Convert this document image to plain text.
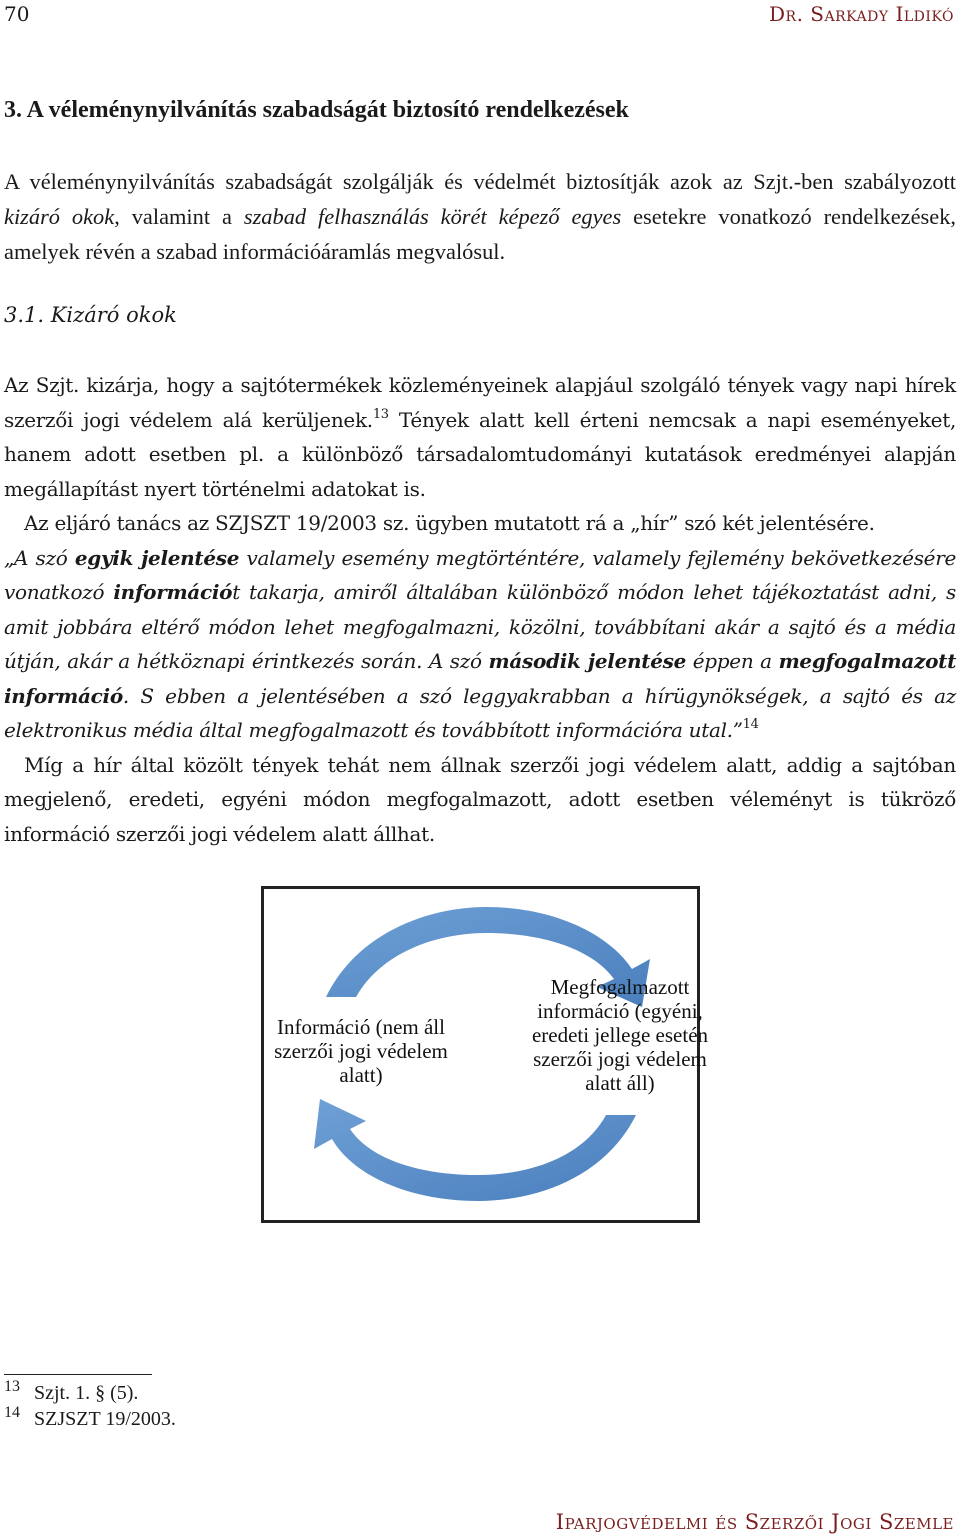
70	Dr. Sarkady Ildikó
3. A véleménynyilvánítás szabadságát biztosító rendelkezések
A véleménynyilvánítás szabadságát szolgálják és védelmét biztosítják azok az Szjt.-ben szabályozott kizáró okok, valamint a szabad felhasználás körét képező egyes esetekre vonatkozó rendelkezések, amelyek révén a szabad információáramlás megvalósul.
3.1. Kizáró okok

Az Szjt. kizárja, hogy a sajtótermékek közleményeinek alapjául szolgáló tények vagy napi hírek szerzői jogi védelem alá kerüljenek.$^{13}$ Tények alatt kell érteni nemcsak a napi eseményeket, hanem adott esetben pl. a különböző társadalomtudományi kutatások eredményei alapján megállapítást nyert történelmi adatokat is.

Az eljáró tanács az SZJSZT 19/2003 sz. ügyben mutatott rá a „hír” szó két jelentésére.

„A szó egyik jelentése valamely esemény megtörténtére, valamely fejlemény bekövetkezésére vonatkozó információt takarja, amiről általában különböző módon lehet tájékoztatást adni, s amit jobbára eltérő módon lehet megfogalmazni, közölni, továbbítani akár a sajtó és a média útján, akár a hétköznapi érintkezés során. A szó második jelentése éppen a megfogalmazott információ. S ebben a jelentésében a szó leggyakrabban a hírügynökségek, a sajtó és az elektronikus média által megfogalmazott és továbbított információra utal.”$^{14}$

Míg a hír által közölt tények tehát nem állnak szerzői jogi védelem alatt, addig a sajtóban megjelenő, eredeti, egyéni módon megfogalmazott, adott esetben véleményt is tükröző információ szerzői jogi védelem alatt állhat.

Információ (nem áll szerzői jogi védelem alatt)
Megfogalmazott információ (egyéni, eredeti jellege esetén szerzői jogi védelem alatt áll)
13 Szjt. 1. § (5).
14 SZJSZT 19/2003.
Iparjogvédelmi és Szerzői Jogi Szemle
